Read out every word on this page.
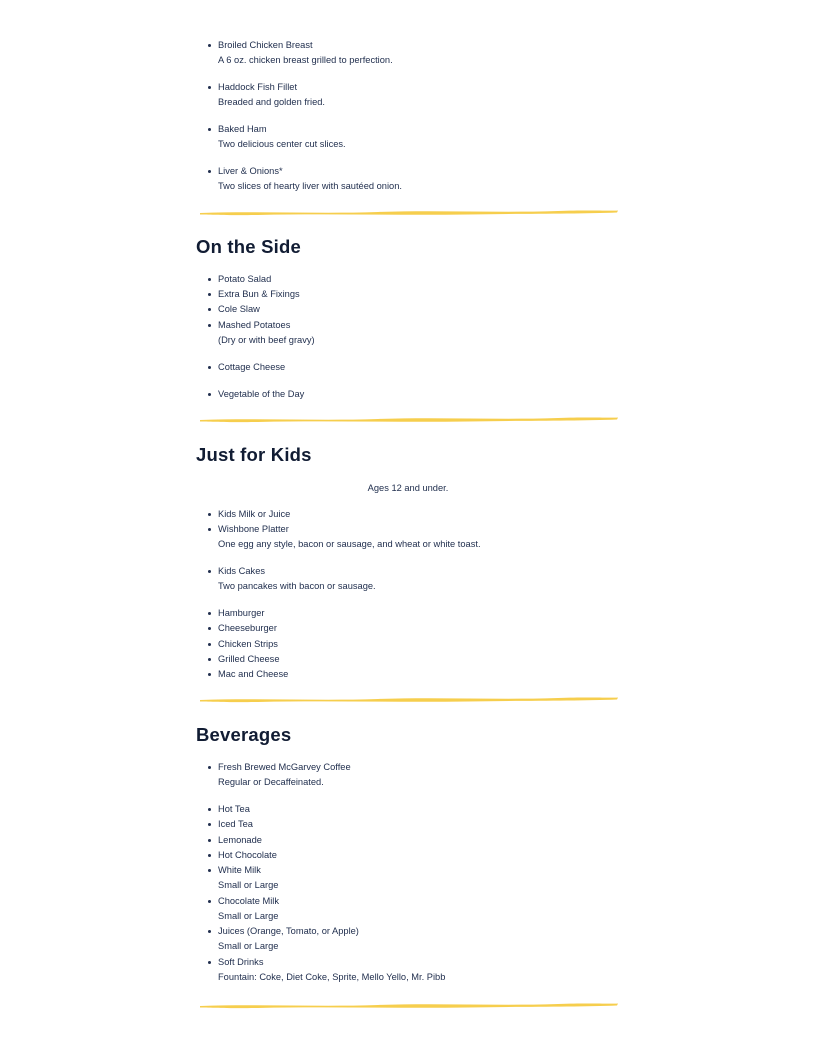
Broiled Chicken Breast
A 6 oz. chicken breast grilled to perfection.
Haddock Fish Fillet
Breaded and golden fried.
Baked Ham
Two delicious center cut slices.
Liver & Onions*
Two slices of hearty liver with sautéed onion.
On the Side
Potato Salad
Extra Bun & Fixings
Cole Slaw
Mashed Potatoes
(Dry or with beef gravy)
Cottage Cheese
Vegetable of the Day
Just for Kids
Ages 12 and under.
Kids Milk or Juice
Wishbone Platter
One egg any style, bacon or sausage, and wheat or white toast.
Kids Cakes
Two pancakes with bacon or sausage.
Hamburger
Cheeseburger
Chicken Strips
Grilled Cheese
Mac and Cheese
Beverages
Fresh Brewed McGarvey Coffee
Regular or Decaffeinated.
Hot Tea
Iced Tea
Lemonade
Hot Chocolate
White Milk
Small or Large
Chocolate Milk
Small or Large
Juices (Orange, Tomato, or Apple)
Small or Large
Soft Drinks
Fountain: Coke, Diet Coke, Sprite, Mello Yello, Mr. Pibb
